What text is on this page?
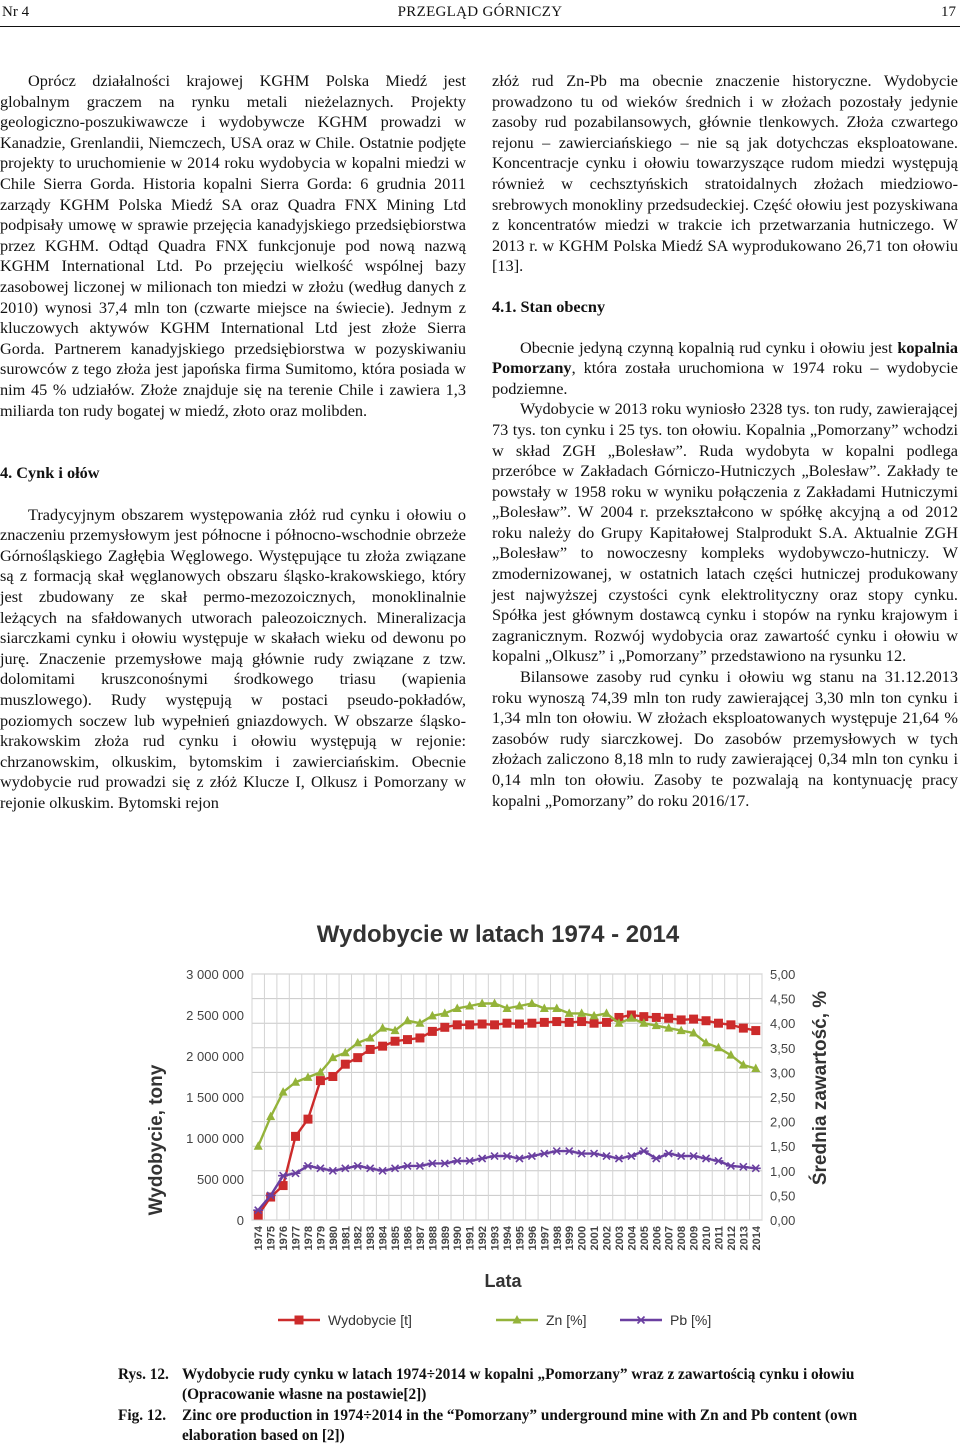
Nr 4	PRZEGLĄD GÓRNICZY	17

Oprócz działalności krajowej KGHM Polska Miedź jest globalnym graczem na rynku metali nieżelaznych. Projekty geologiczno-poszukiwawcze i wydobywcze KGHM prowadzi w Kanadzie, Grenlandii, Niemczech, USA oraz w Chile. Ostatnie podjęte projekty to uruchomienie w 2014 roku wydobycia w kopalni miedzi w Chile Sierra Gorda. Historia kopalni Sierra Gorda: 6 grudnia 2011 zarządy KGHM Polska Miedź SA oraz Quadra FNX Mining Ltd podpisały umowę w sprawie przejęcia kanadyjskiego przedsiębiorstwa przez KGHM. Odtąd Quadra FNX funkcjonuje pod nową nazwą KGHM International Ltd. Po przejęciu wielkość wspólnej bazy zasobowej liczonej w milionach ton miedzi w złożu (według danych z 2010) wynosi 37,4 mln ton (czwarte miejsce na świecie). Jednym z kluczowych aktywów KGHM International Ltd jest złoże Sierra Gorda. Partnerem kanadyjskiego przedsiębiorstwa w pozyskiwaniu surowców z tego złoża jest japońska firma Sumitomo, która posiada w nim 45 % udziałów. Złoże znajduje się na terenie Chile i zawiera 1,3 miliarda ton rudy bogatej w miedź, złoto oraz molibden.

4. Cynk i ołów

Tradycyjnym obszarem występowania złóż rud cynku i ołowiu o znaczeniu przemysłowym jest północne i północno-wschodnie obrzeże Górnośląskiego Zagłębia Węglowego. Występujące tu złoża związane są z formacją skał węglanowych obszaru śląsko-krakowskiego, który jest zbudowany ze skał permo-mezozoicznych, monoklinalnie leżących na sfałdowanych utworach paleozoicznych. Mineralizacja siarczkami cynku i ołowiu występuje w skałach wieku od dewonu po jurę. Znaczenie przemysłowe mają głównie rudy związane z tzw. dolomitami kruszconośnymi środkowego triasu (wapienia muszlowego). Rudy występują w postaci pseudo-pokładów, poziomych soczew lub wypełnień gniazdowych. W obszarze śląsko-krakowskim złoża rud cynku i ołowiu występują w rejonie: chrzanowskim, olkuskim, bytomskim i zawierciańskim. Obecnie wydobycie rud prowadzi się z złóż Klucze I, Olkusz i Pomorzany w rejonie olkuskim. Bytomski rejon

złóż rud Zn-Pb ma obecnie znaczenie historyczne. Wydobycie prowadzono tu od wieków średnich i w złożach pozostały jedynie zasoby rud pozabilansowych, głównie tlenkowych. Złoża czwartego rejonu – zawierciańskiego – nie są jak dotychczas eksploatowane. Koncentracje cynku i ołowiu towarzyszące rudom miedzi występują również w cechsztyńskich stratoidalnych złożach miedziowo-srebrowych monokliny przedsudeckiej. Część ołowiu jest pozyskiwana z koncentratów miedzi w trakcie ich przetwarzania hutniczego. W 2013 r. w KGHM Polska Miedź SA wyprodukowano 26,71 ton ołowiu [13].

4.1. Stan obecny

Obecnie jedyną czynną kopalnią rud cynku i ołowiu jest kopalnia Pomorzany, która została uruchomiona w 1974 roku – wydobycie podziemne.

Wydobycie w 2013 roku wyniosło 2328 tys. ton rudy, zawierającej 73 tys. ton cynku i 25 tys. ton ołowiu. Kopalnia „Pomorzany” wchodzi w skład ZGH „Bolesław”. Ruda wydobyta w kopalni podlega przeróbce w Zakładach Górniczo-Hutniczych „Bolesław”. Zakłady te powstały w 1958 roku w wyniku połączenia z Zakładami Hutniczymi „Bolesław”. W 2004 r. przekształcono w spółkę akcyjną a od 2012 roku należy do Grupy Kapitałowej Stalprodukt S.A. Aktualnie ZGH „Bolesław” to nowoczesny kompleks wydobywczo-hutniczy. W zmodernizowanej, w ostatnich latach części hutniczej produkowany jest najwyższej czystości cynk elektrolityczny oraz stopy cynku. Spółka jest głównym dostawcą cynku i stopów na rynku krajowym i zagranicznym. Rozwój wydobycia oraz zawartość cynku i ołowiu w kopalni „Olkusz” i „Pomorzany” przedstawiono na rysunku 12.

Bilansowe zasoby rud cynku i ołowiu wg stanu na 31.12.2013 roku wynoszą 74,39 mln ton rudy zawierającej 3,30 mln ton cynku i 1,34 mln ton ołowiu. W złożach eksploatowanych występuje 21,64 % zasobów rudy siarczkowej. Do zasobów przemysłowych w tych złożach zaliczono 8,18 mln to rudy zawierającej 0,34 mln ton cynku i 0,14 mln ton ołowiu. Zasoby te pozwalają na kontynuację pracy kopalni „Pomorzany” do roku 2016/17.

0
500 000
1 000 000
1 500 000
2 000 000
2 500 000
3 000 000
0,00
0,50
1,00
1,50
2,00
2,50
3,00
3,50
4,00
4,50
5,00
1974 1975 1976 1977 1978 1979 1980 1981 1982 1983 1984 1985 1986 1987 1988 1989 1990 1991 1992 1993 1994 1995 1996 1997 1998 1999 2000 2001 2002 2003 2004 2005 2006 2007 2008 2009 2010 2011 2012 2013 2014
Wydobycie w latach 1974 - 2014
Wydobycie, tony	Średnia zawartość, %
Lata
Wydobycie [t]	Zn [%]	Pb [%]
Rys. 12. Wydobycie rudy cynku w latach 1974÷2014 w kopalni „Pomorzany” wraz z zawartością cynku i ołowiu (Opracowanie własne na postawie[2])
Fig. 12.	Zinc ore production in 1974÷2014 in the “Pomorzany” underground mine with Zn and Pb content (own elaboration based on [2])
